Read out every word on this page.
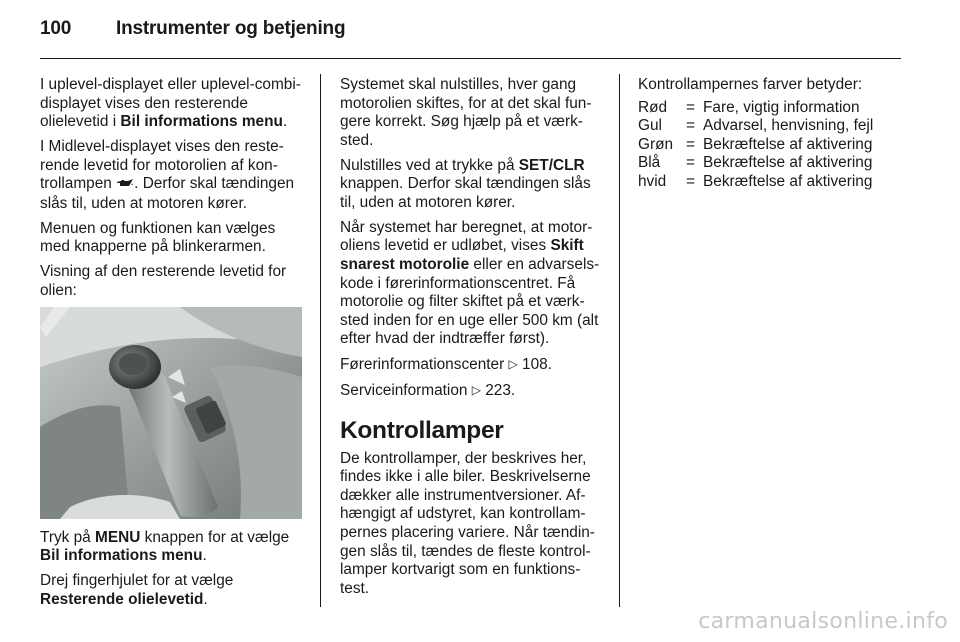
100	Instrumenter og betjening

I uplevel-displayet eller uplevel-combi-displayet vises den resterende olielevetid i Bil informations menu.

I Midlevel-displayet vises den reste-rende levetid for motorolien af kon-trollampen . Derfor skal tændingen slås til, uden at motoren kører.

Menuen og funktionen kan vælges med knapperne på blinkerarmen.

Visning af den resterende levetid for olien:

Tryk på MENU knappen for at vælge Bil informations menu.

Drej fingerhjulet for at vælge Resterende olielevetid.

Systemet skal nulstilles, hver gang motorolien skiftes, for at det skal fun-gere korrekt. Søg hjælp på et værk-sted.

Nulstilles ved at trykke på SET/CLR knappen. Derfor skal tændingen slås til, uden at motoren kører.

Når systemet har beregnet, at motor-oliens levetid er udløbet, vises Skift snarest motorolie eller en advarsels-kode i førerinformationscentret. Få motorolie og filter skiftet på et værk-sted inden for en uge eller 500 km (alt efter hvad der indtræffer først).

Førerinformationscenter ▷ 108.

Serviceinformation ▷ 223.

Kontrollamper

De kontrollamper, der beskrives her, findes ikke i alle biler. Beskrivelserne dækker alle instrumentversioner. Af-hængigt af udstyret, kan kontrollam-pernes placering variere. Når tændin-gen slås til, tændes de fleste kontrol-lamper kortvarigt som en funktions-test.

Kontrollampernes farver betyder:

Rød	=	Fare, vigtig information
Gul	=	Advarsel, henvisning, fejl
Grøn	=	Bekræftelse af aktivering
Blå	=	Bekræftelse af aktivering
hvid	=	Bekræftelse af aktivering
carmanualsonline.info
